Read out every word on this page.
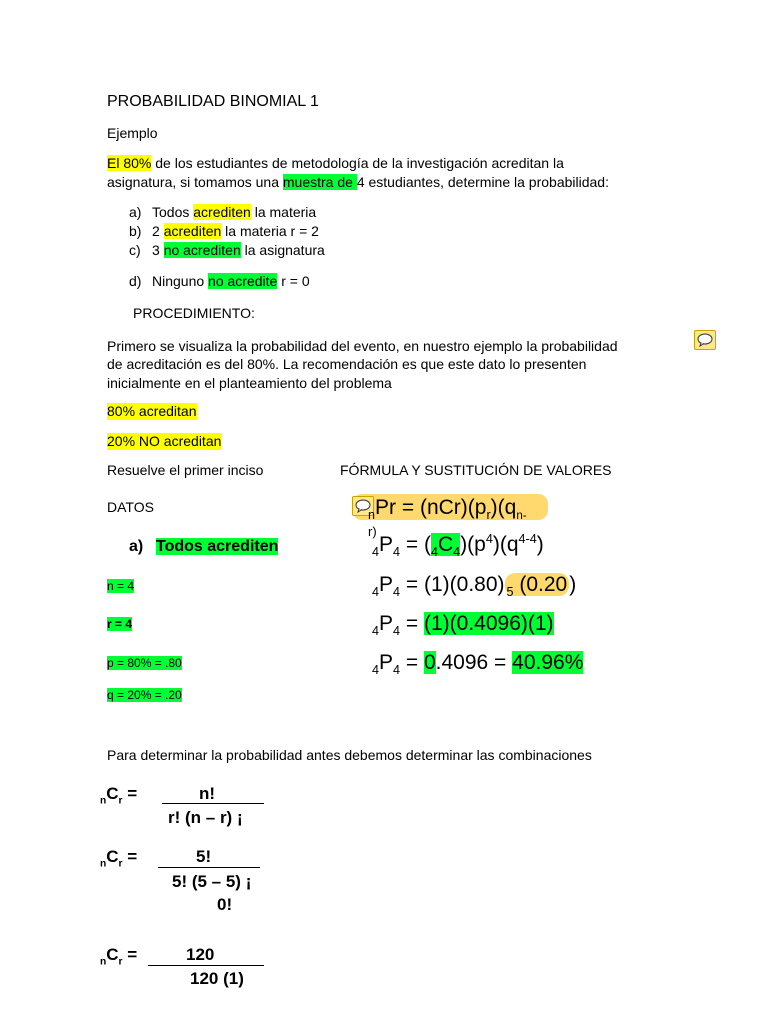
PROBABILIDAD BINOMIAL 1
Ejemplo
El 80% de los estudiantes de metodología de la investigación acreditan la
asignatura, si tomamos una muestra de 4 estudiantes, determine la probabilidad:
a) Todos acrediten la materia
b) 2 acrediten la materia r = 2
c) 3 no acrediten la asignatura
d) Ninguno no acredite r = 0
PROCEDIMIENTO:
Primero se visualiza la probabilidad del evento, en nuestro ejemplo la probabilidad
de acreditación es del 80%. La recomendación es que este dato lo presenten
inicialmente en el planteamiento del problema
80% acreditan
20% NO acreditan
Resuelve el primer inciso	FÓRMULA Y SUSTITUCIÓN DE VALORES
DATOS
a) Todos acrediten
n = 4
r = 4
p = 80% = .80
q = 20% = .20
$_nPr = (nCr)(p_r)(q_{n-}$
r)
$_4P_4 = (_4C_4)(p^4)(q^{4-4})$
$_4P_4 = (1)(0.80)$ $_5$ (0.20)
$_4P_4 = (1)(0.4096)(1)$
$_4P_4 = 0.4096 = 40.96\%$
Para determinar la probabilidad antes debemos determinar las combinaciones
$_nC_r$ =	n!
r! (n – r) ¡
$_nC_r$ =	5!
5! (5 – 5) ¡
0!
$_nC_r$ =	120
120 (1)
